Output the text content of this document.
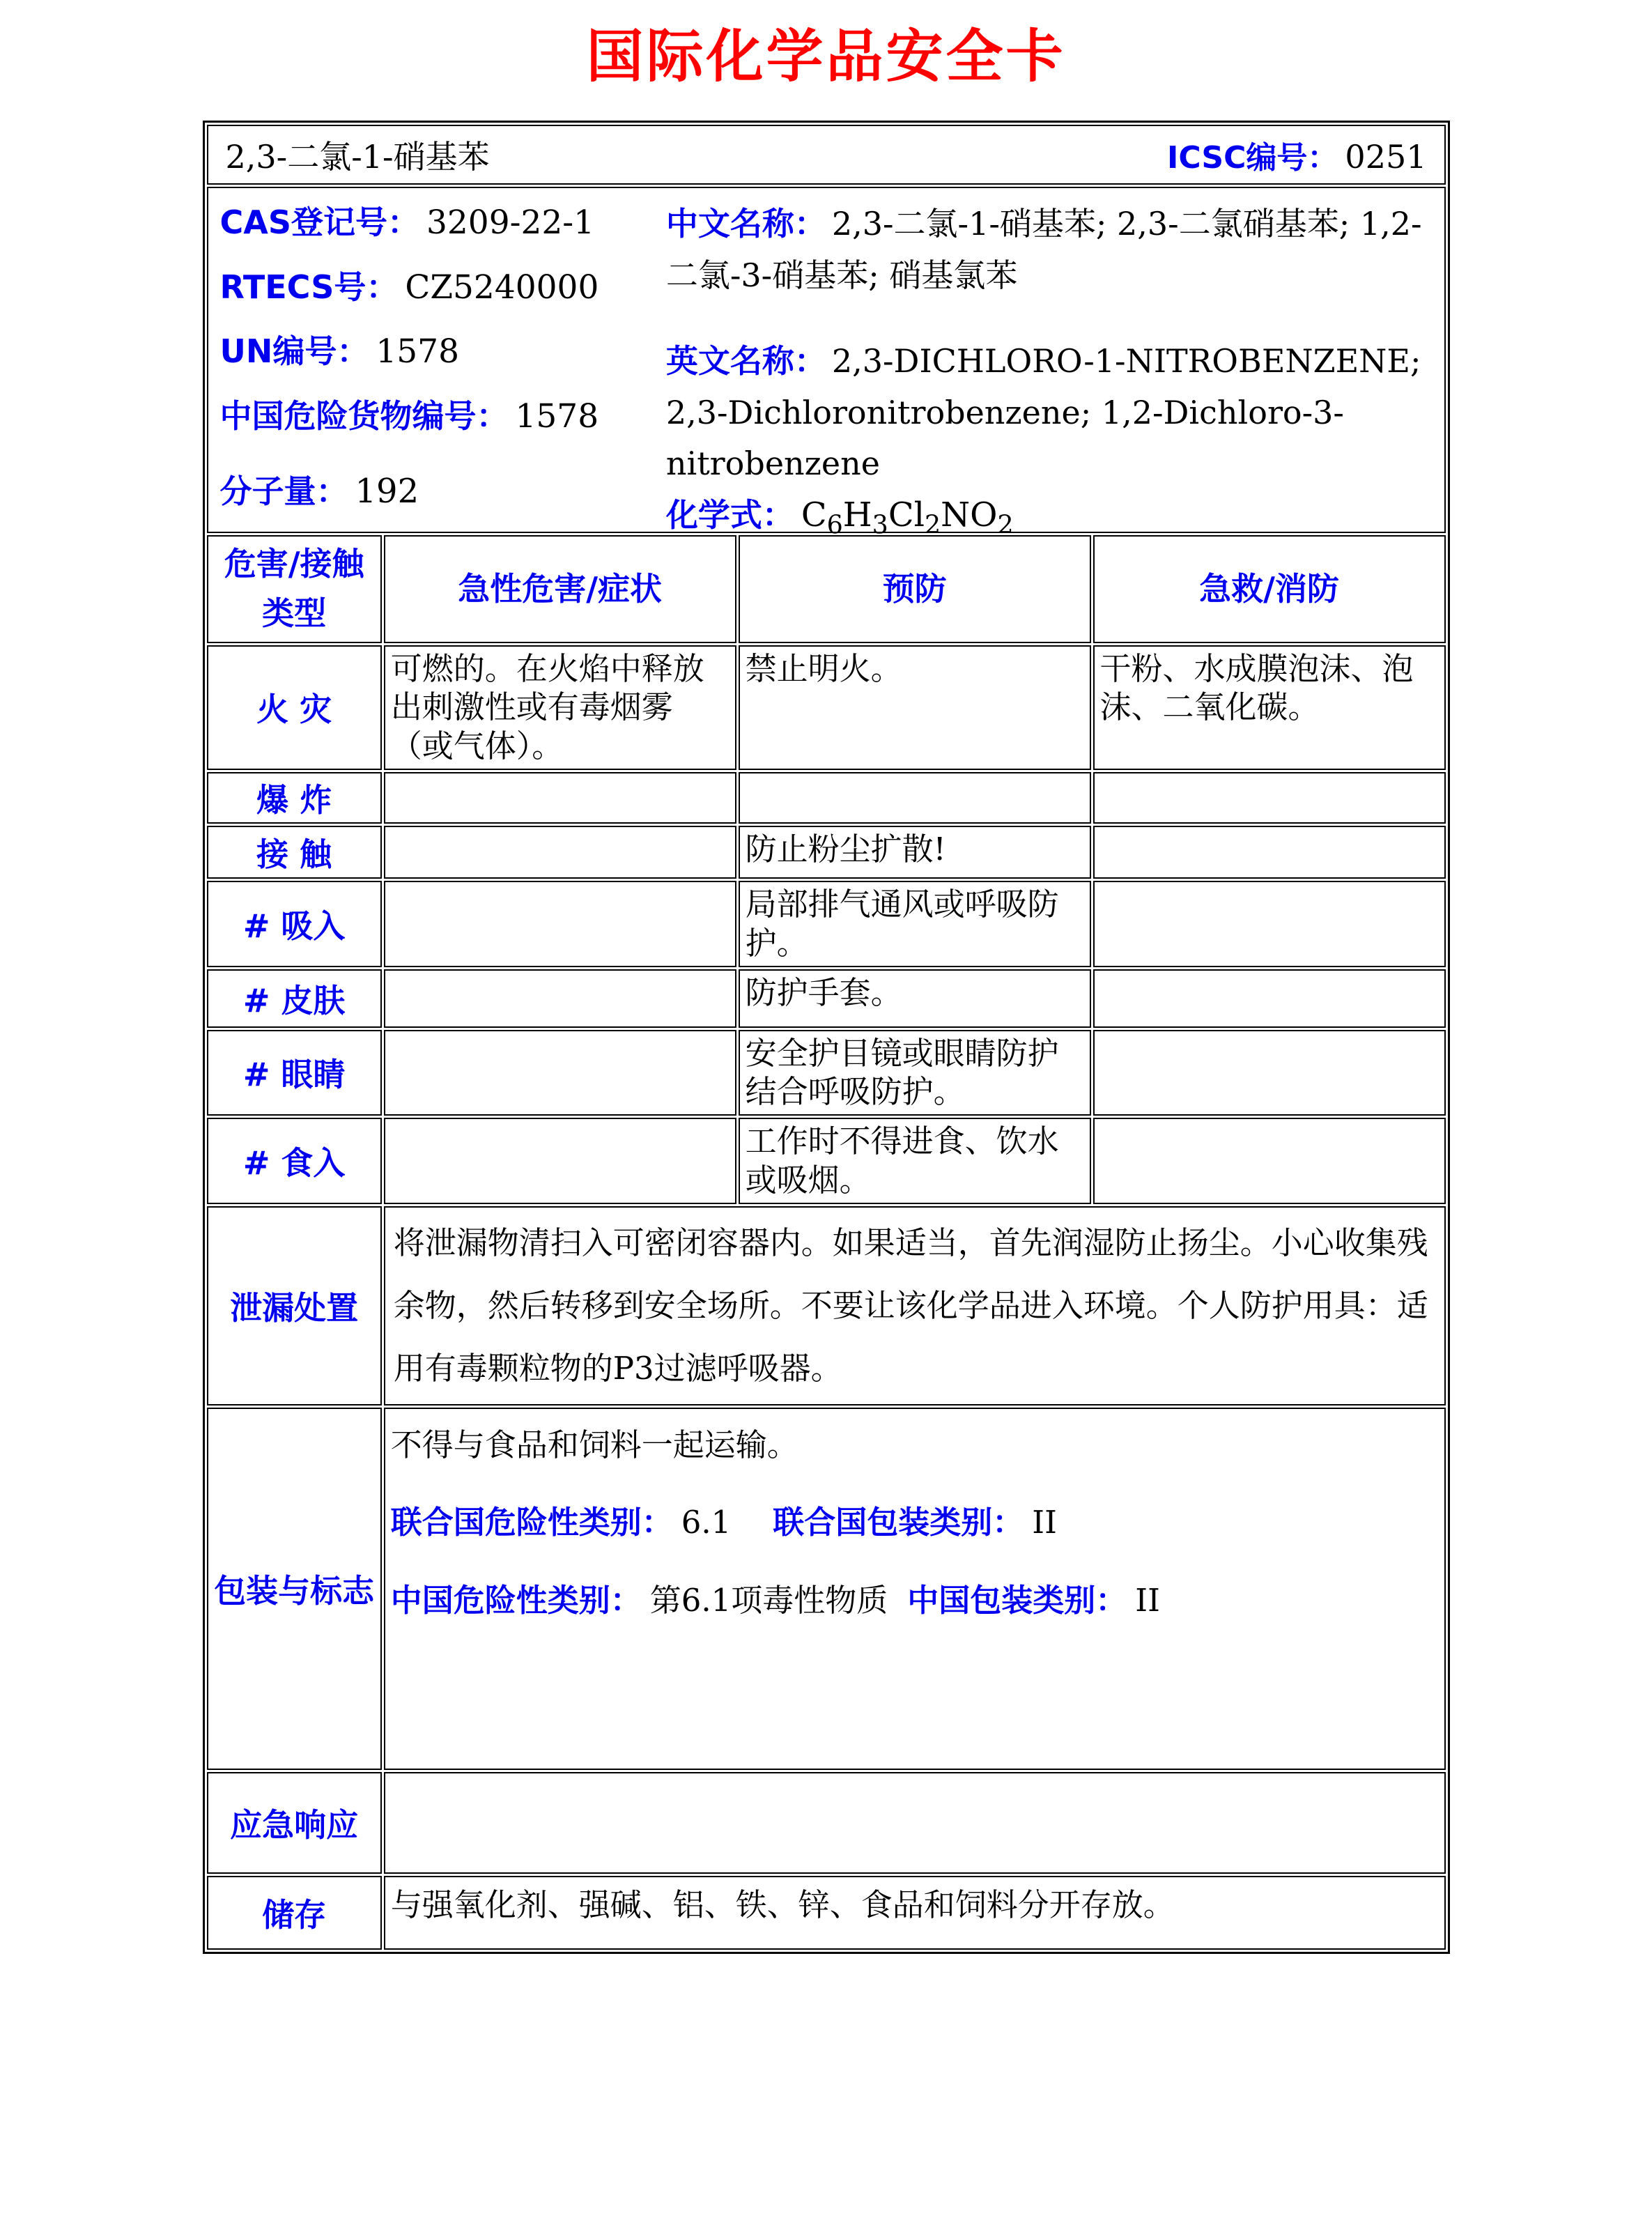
国际化学品安全卡
2,3-二氯-1-硝基苯 ICSC编号： 0251			

CAS登记号： 3209-22-1
RTECS号： CZ5240000
UN编号： 1578
中国危险货物编号： 1578
分子量： 192
中文名称： 2,3-二氯-1-硝基苯; 2,3-二氯硝基苯; 1,2-二氯-3-硝基苯; 硝基氯苯
英文名称： 2,3-DICHLORO-1-NITROBENZENE; 2,3-Dichloronitrobenzene; 1,2-Dichloro-3-nitrobenzene
化学式： $C_6H_3Cl_2NO_2$

危害/接触类型	急性危害/症状	预防	急救/消防
火 灾	可燃的。在火焰中释放出刺激性或有毒烟雾（或气体）。	禁止明火。	干粉、水成膜泡沫、泡沫、二氧化碳。
爆 炸			
接 触		防止粉尘扩散!	
# 吸入		局部排气通风或呼吸防护。	
# 皮肤		防护手套。	
# 眼睛		安全护目镜或眼睛防护结合呼吸防护。	
# 食入		工作时不得进食、饮水或吸烟。	
泄漏处置	将泄漏物清扫入可密闭容器内。如果适当，首先润湿防止扬尘。小心收集残余物，然后转移到安全场所。不要让该化学品进入环境。个人防护用具：适用有毒颗粒物的P3过滤呼吸器。		
包装与标志	不得与食品和饲料一起运输。
联合国危险性类别： 6.1 联合国包装类别： II
中国危险性类别： 第6.1项毒性物质 中国包装类别： II		

应急响应			
储存	与强氧化剂、强碱、铝、铁、锌、食品和饲料分开存放。		
